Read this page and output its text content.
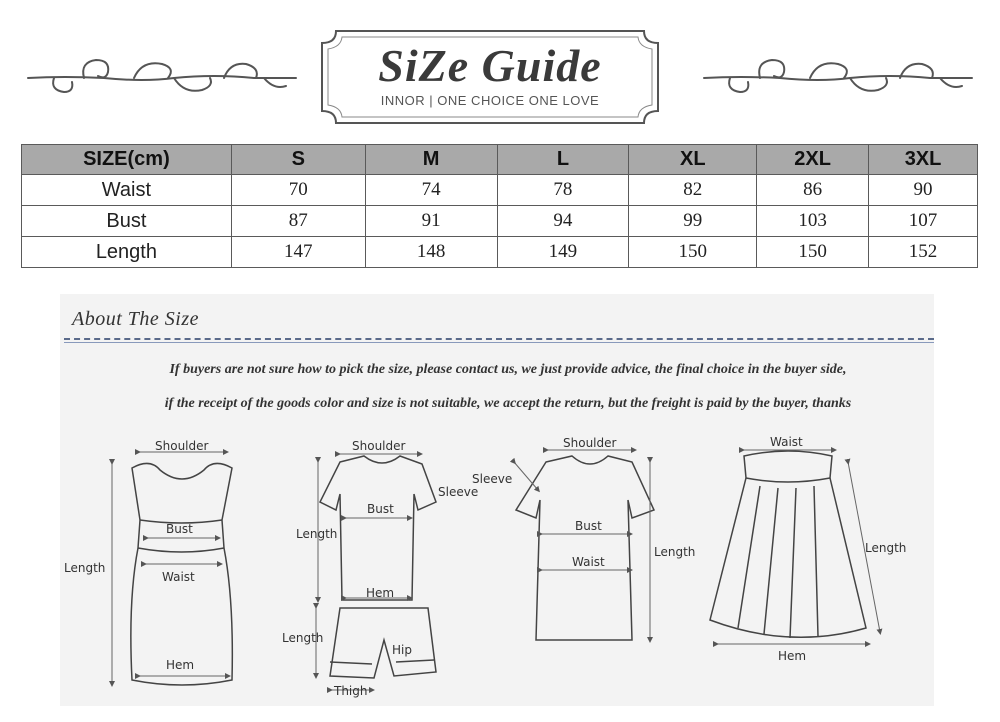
SiZe Guide
INNOR | ONE CHOICE ONE LOVE
SIZE(cm)	S	M	L	XL	2XL	3XL
Waist	70	74	78	82	86	90
Bust	87	91	94	99	103	107
Length	147	148	149	150	150	152
About The Size
If buyers are not sure how to pick the size, please contact us, we just provide advice, the final choice in the buyer side,
if the receipt of the goods color and size is not suitable, we accept the return, but the freight is paid by the buyer, thanks
Shoulder
Bust
Waist
Length
Hem
Shoulder
Sleeve
Bust
Length
Hem
Length
Hip
Thigh
Shoulder
Sleeve
Bust
Waist
Length
Waist
Length
Hem
